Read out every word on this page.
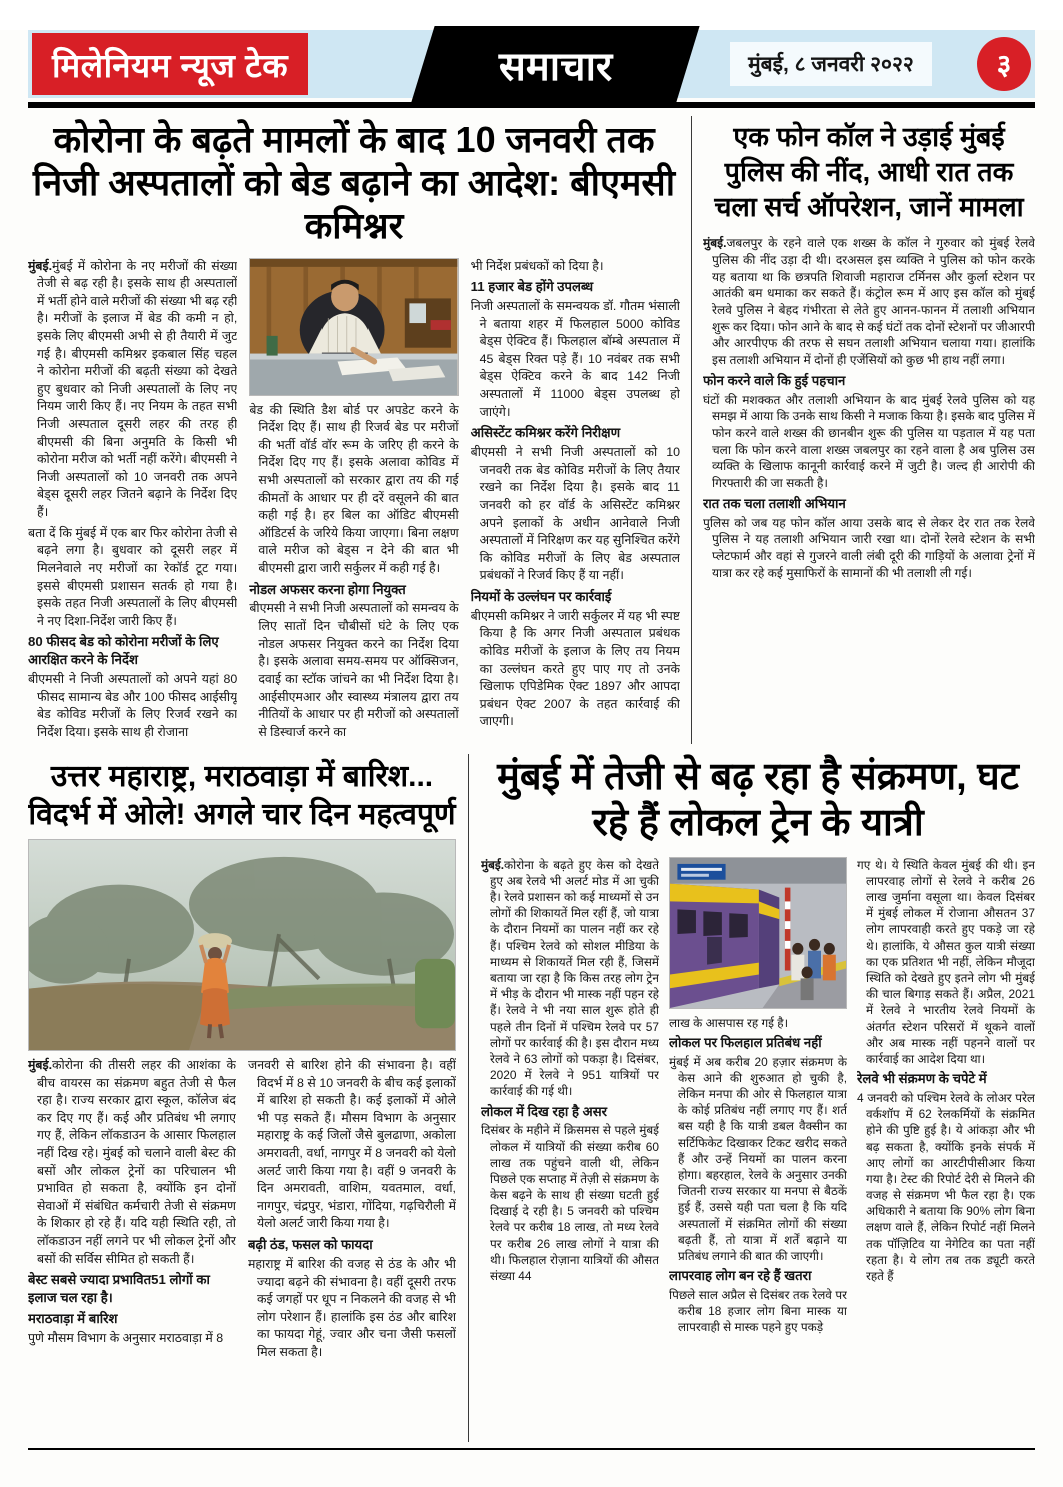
मिलेनियम न्यूज टेक	समाचार	मुंबई, ८ जनवरी २०२२	३
कोरोना के बढ़ते मामलों के बाद 10 जनवरी तक निजी अस्पतालों को बेड बढ़ाने का आदेश: बीएमसी कमिश्नर

मुंबई.मुंबई में कोरोना के नए मरीजों की संख्या तेजी से बढ़ रही है। इसके साथ ही अस्पतालों में भर्ती होने वाले मरीजों की संख्या भी बढ़ रही है। मरीजों के इलाज में बेड की कमी न हो, इसके लिए बीएमसी अभी से ही तैयारी में जुट गई है। बीएमसी कमिश्नर इकबाल सिंह चहल ने कोरोना मरीजों की बढ़ती संख्या को देखते हुए बुधवार को निजी अस्पतालों के लिए नए नियम जारी किए हैं। नए नियम के तहत सभी निजी अस्पताल दूसरी लहर की तरह ही बीएमसी की बिना अनुमति के किसी भी कोरोना मरीज को भर्ती नहीं करेंगे। बीएमसी ने निजी अस्पतालों को 10 जनवरी तक अपने बेड्स दूसरी लहर जितने बढ़ाने के निर्देश दिए हैं।

बता दें कि मुंबई में एक बार फिर कोरोना तेजी से बढ़ने लगा है। बुधवार को दूसरी लहर में मिलनेवाले नए मरीजों का रेकॉर्ड टूट गया। इससे बीएमसी प्रशासन सतर्क हो गया है। इसके तहत निजी अस्पतालों के लिए बीएमसी ने नए दिशा-निर्देश जारी किए हैं।

80 फीसद बेड को कोरोना मरीजों के लिए आरक्षित करने के निर्देश

बीएमसी ने निजी अस्पतालों को अपने यहां 80 फीसद सामान्य बेड और 100 फीसद आईसीयू बेड कोविड मरीजों के लिए रिजर्व रखने का निर्देश दिया। इसके साथ ही रोजाना

बेड की स्थिति डैश बोर्ड पर अपडेट करने के निर्देश दिए हैं। साथ ही रिजर्व बेड पर मरीजों की भर्ती वॉर्ड वॉर रूम के जरिए ही करने के निर्देश दिए गए हैं। इसके अलावा कोविड में सभी अस्पतालों को सरकार द्वारा तय की गई कीमतों के आधार पर ही दरें वसूलने की बात कही गई है। हर बिल का ऑडिट बीएमसी ऑडिटर्स के जरिये किया जाएगा। बिना लक्षण वाले मरीज को बेड्स न देने की बात भी बीएमसी द्वारा जारी सर्कुलर में कही गई है।

नोडल अफसर करना होगा नियुक्त

बीएमसी ने सभी निजी अस्पतालों को समन्वय के लिए सातों दिन चौबीसों घंटे के लिए एक नोडल अफसर नियुक्त करने का निर्देश दिया है। इसके अलावा समय-समय पर ऑक्सिजन, दवाई का स्टॉक जांचने का भी निर्देश दिया है। आईसीएमआर और स्वास्थ्य मंत्रालय द्वारा तय नीतियों के आधार पर ही मरीजों को अस्पतालों से डिस्चार्ज करने का

भी निर्देश प्रबंधकों को दिया है।

11 हजार बेड होंगे उपलब्ध

निजी अस्पतालों के समन्वयक डॉ. गौतम भंसाली ने बताया शहर में फिलहाल 5000 कोविड बेड्स ऐक्टिव हैं। फिलहाल बॉम्बे अस्पताल में 45 बेड्स रिक्त पड़े हैं। 10 नवंबर तक सभी बेड्स ऐक्टिव करने के बाद 142 निजी अस्पतालों में 11000 बेड्स उपलब्ध हो जाएंगे।

असिस्टेंट कमिश्नर करेंगे निरीक्षण

बीएमसी ने सभी निजी अस्पतालों को 10 जनवरी तक बेड कोविड मरीजों के लिए तैयार रखने का निर्देश दिया है। इसके बाद 11 जनवरी को हर वॉर्ड के असिस्टेंट कमिश्नर अपने इलाकों के अधीन आनेवाले निजी अस्पतालों में निरिक्षण कर यह सुनिश्चित करेंगे कि कोविड मरीजों के लिए बेड अस्पताल प्रबंधकों ने रिजर्व किए हैं या नहीं।

नियमों के उल्लंघन पर कार्रवाई

बीएमसी कमिश्नर ने जारी सर्कुलर में यह भी स्पष्ट किया है कि अगर निजी अस्पताल प्रबंधक कोविड मरीजों के इलाज के लिए तय नियम का उल्लंघन करते हुए पाए गए तो उनके खिलाफ एपिडेमिक ऐक्ट 1897 और आपदा प्रबंधन ऐक्ट 2007 के तहत कार्रवाई की जाएगी।

एक फोन कॉल ने उड़ाई मुंबई पुलिस की नींद, आधी रात तक चला सर्च ऑपरेशन, जानें मामला

मुंबई.जबलपुर के रहने वाले एक शख्स के कॉल ने गुरुवार को मुंबई रेलवे पुलिस की नींद उड़ा दी थी। दरअसल इस व्यक्ति ने पुलिस को फोन करके यह बताया था कि छत्रपति शिवाजी महाराज टर्मिनस और कुर्ला स्टेशन पर आतंकी बम धमाका कर सकते हैं। कंट्रोल रूम में आए इस कॉल को मुंबई रेलवे पुलिस ने बेहद गंभीरता से लेते हुए आनन-फानन में तलाशी अभियान शुरू कर दिया। फोन आने के बाद से कई घंटों तक दोनों स्टेशनों पर जीआरपी और आरपीएफ की तरफ से सघन तलाशी अभियान चलाया गया। हालांकि इस तलाशी अभियान में दोनों ही एजेंसियों को कुछ भी हाथ नहीं लगा।

फोन करने वाले कि हुई पहचान

घंटों की मशक्कत और तलाशी अभियान के बाद मुंबई रेलवे पुलिस को यह समझ में आया कि उनके साथ किसी ने मजाक किया है। इसके बाद पुलिस में फोन करने वाले शख्स की छानबीन शुरू की पुलिस या पड़ताल में यह पता चला कि फोन करने वाला शख्स जबलपुर का रहने वाला है अब पुलिस उस व्यक्ति के खिलाफ कानूनी कार्रवाई करने में जुटी है। जल्द ही आरोपी की गिरफ्तारी की जा सकती है।

रात तक चला तलाशी अभियान

पुलिस को जब यह फोन कॉल आया उसके बाद से लेकर देर रात तक रेलवे पुलिस ने यह तलाशी अभियान जारी रखा था। दोनों रेलवे स्टेशन के सभी प्लेटफार्म और वहां से गुजरने वाली लंबी दूरी की गाड़ियों के अलावा ट्रेनों में यात्रा कर रहे कई मुसाफिरों के सामानों की भी तलाशी ली गई।

उत्तर महाराष्ट्र, मराठवाड़ा में बारिश... विदर्भ में ओले! अगले चार दिन महत्वपूर्ण

मुंबई.कोरोना की तीसरी लहर की आशंका के बीच वायरस का संक्रमण बहुत तेजी से फैल रहा है। राज्य सरकार द्वारा स्कूल, कॉलेज बंद कर दिए गए हैं। कई और प्रतिबंध भी लगाए गए हैं, लेकिन लॉकडाउन के आसार फिलहाल नहीं दिख रहे। मुंबई को चलाने वाली बेस्ट की बसों और लोकल ट्रेनों का परिचालन भी प्रभावित हो सकता है, क्योंकि इन दोनों सेवाओं में संबंधित कर्मचारी तेजी से संक्रमण के शिकार हो रहे हैं। यदि यही स्थिति रही, तो लॉकडाउन नहीं लगने पर भी लोकल ट्रेनों और बसों की सर्विस सीमित हो सकती हैं।

बेस्ट सबसे ज्यादा प्रभावित51 लोगों का इलाज चल रहा है।

मराठवाड़ा में बारिश

पुणे मौसम विभाग के अनुसार मराठवाड़ा में 8

जनवरी से बारिश होने की संभावना है। वहीं विदर्भ में 8 से 10 जनवरी के बीच कई इलाकों में बारिश हो सकती है। कई इलाकों में ओले भी पड़ सकते हैं। मौसम विभाग के अनुसार महाराष्ट्र के कई जिलों जैसे बुलढाणा, अकोला अमरावती, वर्धा, नागपुर में 8 जनवरी को येलो अलर्ट जारी किया गया है। वहीं 9 जनवरी के दिन अमरावती, वाशिम, यवतमाल, वर्धा, नागपुर, चंद्रपुर, भंडारा, गोंदिया, गढ़चिरौली में येलो अलर्ट जारी किया गया है।

बढ़ी ठंड, फसल को फायदा

महाराष्ट्र में बारिश की वजह से ठंड के और भी ज्यादा बढ़ने की संभावना है। वहीं दूसरी तरफ कई जगहों पर धूप न निकलने की वजह से भी लोग परेशान हैं। हालांकि इस ठंड और बारिश का फायदा गेहूं, ज्वार और चना जैसी फसलों मिल सकता है।

मुंबई में तेजी से बढ़ रहा है संक्रमण, घट रहे हैं लोकल ट्रेन के यात्री

मुंबई.कोरोना के बढ़ते हुए केस को देखते हुए अब रेलवे भी अलर्ट मोड में आ चुकी है। रेलवे प्रशासन को कई माध्यमों से उन लोगों की शिकायतें मिल रहीं हैं, जो यात्रा के दौरान नियमों का पालन नहीं कर रहे हैं। पश्चिम रेलवे को सोशल मीडिया के माध्यम से शिकायतें मिल रही हैं, जिसमें बताया जा रहा है कि किस तरह लोग ट्रेन में भीड़ के दौरान भी मास्क नहीं पहन रहे हैं। रेलवे ने भी नया साल शुरू होते ही पहले तीन दिनों में पश्चिम रेलवे पर 57 लोगों पर कार्रवाई की है। इस दौरान मध्य रेलवे ने 63 लोगों को पकड़ा है। दिसंबर, 2020 में रेलवे ने 951 यात्रियों पर कार्रवाई की गई थी।

लोकल में दिख रहा है असर

दिसंबर के महीने में क्रिसमस से पहले मुंबई लोकल में यात्रियों की संख्या करीब 60 लाख तक पहुंचने वाली थी, लेकिन पिछले एक सप्ताह में तेज़ी से संक्रमण के केस बढ़ने के साथ ही संख्या घटती हुई दिखाई दे रही है। 5 जनवरी को पश्चिम रेलवे पर करीब 18 लाख, तो मध्य रेलवे पर करीब 26 लाख लोगों ने यात्रा की थी। फिलहाल रोज़ाना यात्रियों की औसत संख्या 44

लाख के आसपास रह गई है।

लोकल पर फिलहाल प्रतिबंध नहीं

मुंबई में अब करीब 20 हज़ार संक्रमण के केस आने की शुरुआत हो चुकी है, लेकिन मनपा की ओर से फिलहाल यात्रा के कोई प्रतिबंध नहीं लगाए गए हैं। शर्त बस यही है कि यात्री डबल वैक्सीन का सर्टिफिकेट दिखाकर टिकट खरीद सकते हैं और उन्हें नियमों का पालन करना होगा। बहरहाल, रेलवे के अनुसार उनकी जितनी राज्य सरकार या मनपा से बैठकें हुई हैं, उससे यही पता चला है कि यदि अस्पतालों में संक्रमित लोगों की संख्या बढ़ती हैं, तो यात्रा में शर्तें बढ़ाने या प्रतिबंध लगाने की बात की जाएगी।

लापरवाह लोग बन रहे हैं खतरा

पिछले साल अप्रैल से दिसंबर तक रेलवे पर करीब 18 हजार लोग बिना मास्क या लापरवाही से मास्क पहने हुए पकड़े

गए थे। ये स्थिति केवल मुंबई की थी। इन लापरवाह लोगों से रेलवे ने करीब 26 लाख जुर्माना वसूला था। केवल दिसंबर में मुंबई लोकल में रोजाना औसतन 37 लोग लापरवाही करते हुए पकड़े जा रहे थे। हालांकि, ये औसत कुल यात्री संख्या का एक प्रतिशत भी नहीं, लेकिन मौजूदा स्थिति को देखते हुए इतने लोग भी मुंबई की चाल बिगाड़ सकते हैं। अप्रैल, 2021 में रेलवे ने भारतीय रेलवे नियमों के अंतर्गत स्टेशन परिसरों में थूकने वालों और अब मास्क नहीं पहनने वालों पर कार्रवाई का आदेश दिया था।

रेलवे भी संक्रमण के चपेटे में

4 जनवरी को पश्चिम रेलवे के लोअर परेल वर्कशॉप में 62 रेलकर्मियों के संक्रमित होने की पुष्टि हुई है। ये आंकड़ा और भी बढ़ सकता है, क्योंकि इनके संपर्क में आए लोगों का आरटीपीसीआर किया गया है। टेस्ट की रिपोर्ट देरी से मिलने की वजह से संक्रमण भी फैल रहा है। एक अधिकारी ने बताया कि 90% लोग बिना लक्षण वाले हैं, लेकिन रिपोर्ट नहीं मिलने तक पॉज़िटिव या नेगेटिव का पता नहीं रहता है। ये लोग तब तक ड्यूटी करते रहते हैं
